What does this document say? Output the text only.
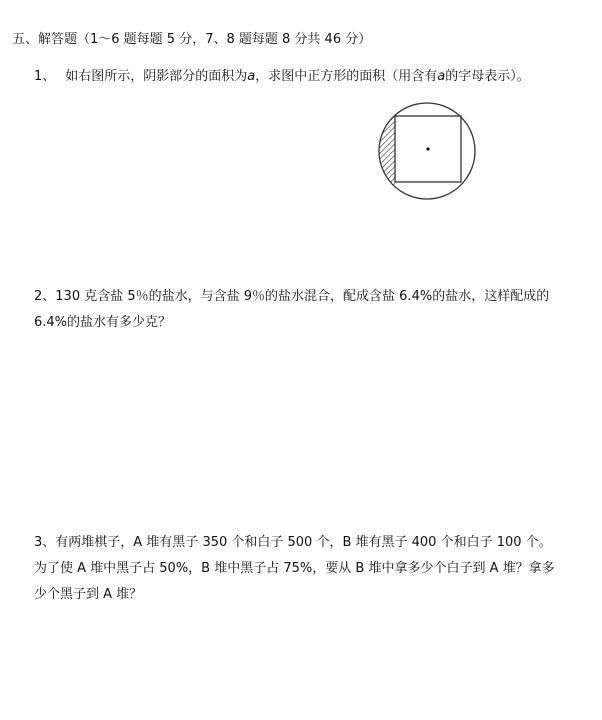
五、解答题（1～6 题每题 5 分，7、8 题每题 8 分共 46 分）
1、 如右图所示，阴影部分的面积为a，求图中正方形的面积（用含有a的字母表示）。
2、130 克含盐 5％的盐水，与含盐 9％的盐水混合，配成含盐 6.4%的盐水，这样配成的
6.4%的盐水有多少克？
3、有两堆棋子，A 堆有黑子 350 个和白子 500 个，B 堆有黑子 400 个和白子 100 个。
为了使 A 堆中黑子占 50%，B 堆中黑子占 75%，要从 B 堆中拿多少个白子到 A 堆？拿多
少个黑子到 A 堆？
